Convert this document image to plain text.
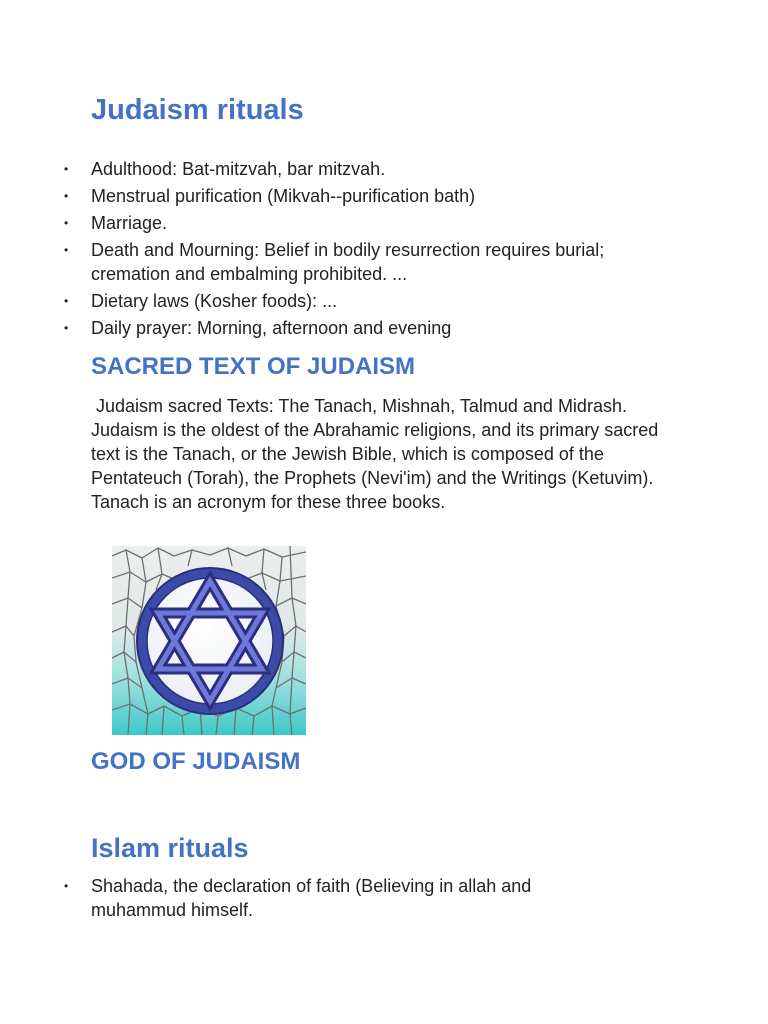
Judaism rituals
• Adulthood: Bat-mitzvah, bar mitzvah.
• Menstrual purification (Mikvah--purification bath)
• Marriage.
• Death and Mourning: Belief in bodily resurrection requires burial; cremation and embalming prohibited. ...
• Dietary laws (Kosher foods): ...
• Daily prayer: Morning, afternoon and evening
SACRED TEXT OF JUDAISM

Judaism sacred Texts: The Tanach, Mishnah, Talmud and Midrash. Judaism is the oldest of the Abrahamic religions, and its primary sacred text is the Tanach, or the Jewish Bible, which is composed of the Pentateuch (Torah), the Prophets (Nevi'im) and the Writings (Ketuvim). Tanach is an acronym for these three books.

GOD OF JUDAISM
Islam rituals
• Shahada, the declaration of faith (Believing in allah and muhammud himself.
